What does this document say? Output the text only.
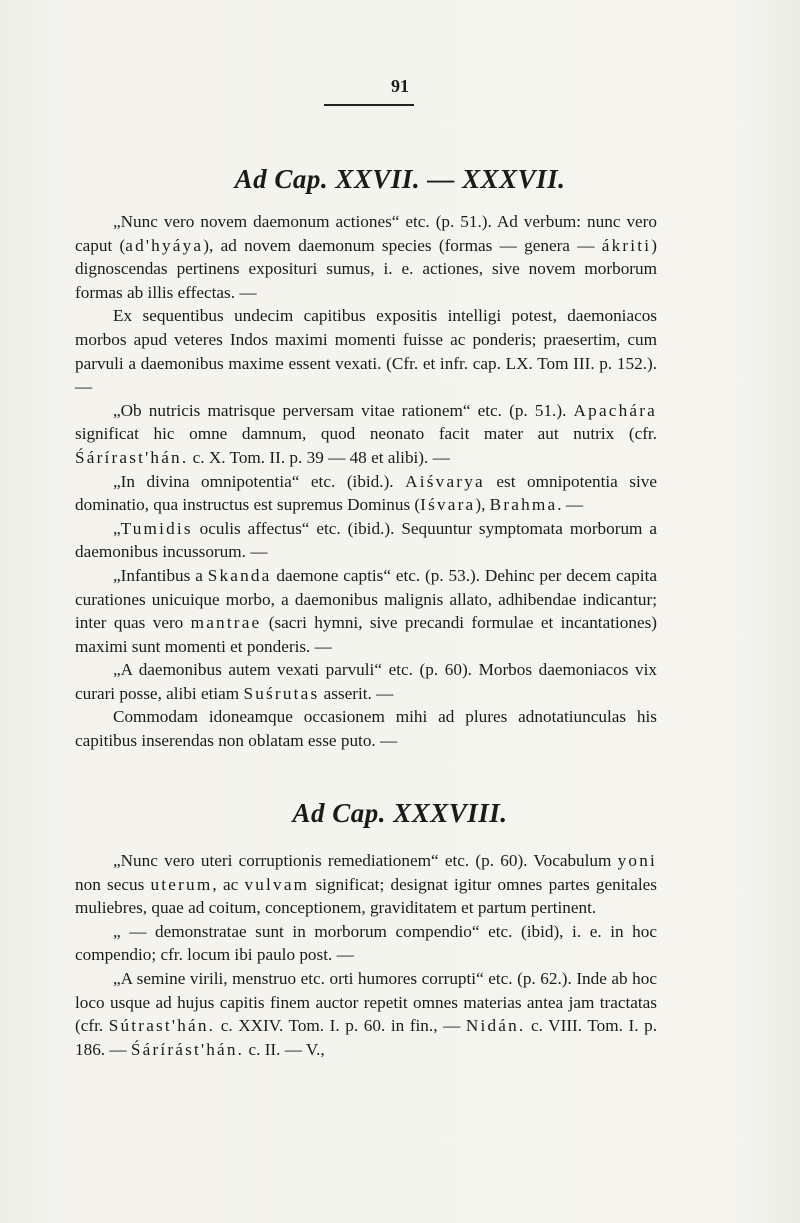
91
Ad Cap. XXVII. — XXXVII.

„Nunc vero novem daemonum actiones“ etc. (p. 51.). Ad verbum: nunc vero caput (ad'hyáya), ad novem daemonum species (formas — genera — ákriti) dignoscendas pertinens exposituri sumus, i. e. actiones, sive novem morborum formas ab illis effectas. —

Ex sequentibus undecim capitibus expositis intelligi potest, daemoniacos morbos apud veteres Indos maximi momenti fuisse ac ponderis; praesertim, cum parvuli a daemonibus maxime essent vexati. (Cfr. et infr. cap. LX. Tom III. p. 152.). —

„Ob nutricis matrisque perversam vitae rationem“ etc. (p. 51.). Apachára significat hic omne damnum, quod neonato facit mater aut nutrix (cfr. Śárírast'hán. c. X. Tom. II. p. 39 — 48 et alibi). —

„In divina omnipotentia“ etc. (ibid.). Aiśvarya est omnipotentia sive dominatio, qua instructus est supremus Dominus (Iśvara), Brahma. —

„Tumidis oculis affectus“ etc. (ibid.). Sequuntur symptomata morborum a daemonibus incussorum. —

„Infantibus a Skanda daemone captis“ etc. (p. 53.). Dehinc per decem capita curationes unicuique morbo, a daemonibus malignis allato, adhibendae indicantur; inter quas vero mantrae (sacri hymni, sive precandi formulae et incantationes) maximi sunt momenti et ponderis. —

„A daemonibus autem vexati parvuli“ etc. (p. 60). Morbos daemoniacos vix curari posse, alibi etiam Suśrutas asserit. —

Commodam idoneamque occasionem mihi ad plures adnotatiunculas his capitibus inserendas non oblatam esse puto. —

Ad Cap. XXXVIII.

„Nunc vero uteri corruptionis remediationem“ etc. (p. 60). Vocabulum yoni non secus uterum, ac vulvam significat; designat igitur omnes partes genitales muliebres, quae ad coitum, conceptionem, graviditatem et partum pertinent.

„ — demonstratae sunt in morborum compendio“ etc. (ibid), i. e. in hoc compendio; cfr. locum ibi paulo post. —

„A semine virili, menstruo etc. orti humores corrupti“ etc. (p. 62.). Inde ab hoc loco usque ad hujus capitis finem auctor repetit omnes materias antea jam tractatas (cfr. Sútrast'hán. c. XXIV. Tom. I. p. 60. in fin., — Nidán. c. VIII. Tom. I. p. 186. — Śárírást'hán. c. II. — V.,
